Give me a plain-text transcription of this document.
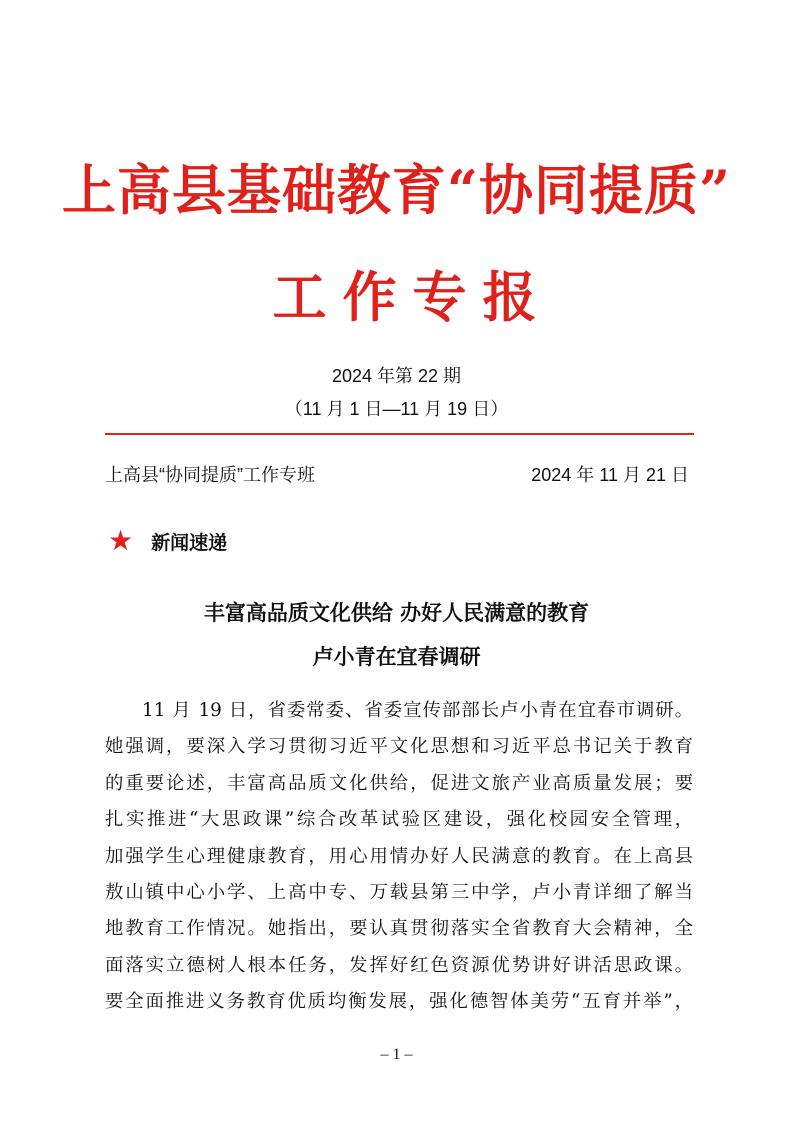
上高县基础教育“协同提质”
工作专报
2024 年第 22 期
（11 月 1 日—11 月 19 日）
上高县“协同提质”工作专班	2024 年 11 月 21 日
★ 新闻速递
丰富高品质文化供给 办好人民满意的教育
卢小青在宜春调研
11 月 19 日，省委常委、省委宣传部部长卢小青在宜春市调研。
她强调，要深入学习贯彻习近平文化思想和习近平总书记关于教育
的重要论述，丰富高品质文化供给，促进文旅产业高质量发展；要
扎实推进“大思政课”综合改革试验区建设，强化校园安全管理，
加强学生心理健康教育，用心用情办好人民满意的教育。在上高县
敖山镇中心小学、上高中专、万载县第三中学，卢小青详细了解当
地教育工作情况。她指出，要认真贯彻落实全省教育大会精神，全
面落实立德树人根本任务，发挥好红色资源优势讲好讲活思政课。
要全面推进义务教育优质均衡发展，强化德智体美劳“五育并举”，
– 1 –
